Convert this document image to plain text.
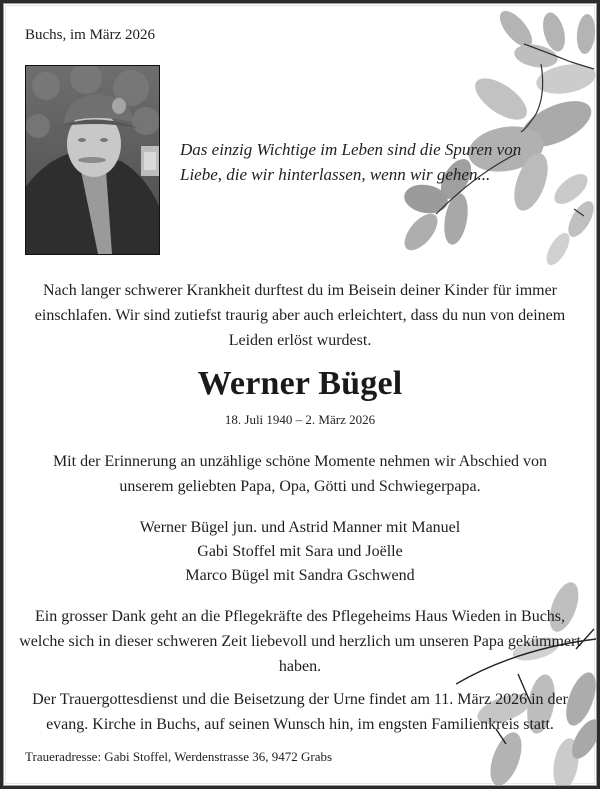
Buchs, im März 2026
Das einzig Wichtige im Leben sind die Spuren von
Liebe, die wir hinterlassen, wenn wir gehen...
Nach langer schwerer Krankheit durftest du im Beisein deiner Kinder für immer
einschlafen. Wir sind zutiefst traurig aber auch erleichtert, dass du nun von deinem
Leiden erlöst wurdest.
Werner Bügel
18. Juli 1940 – 2. März 2026
Mit der Erinnerung an unzählige schöne Momente nehmen wir Abschied von
unserem geliebten Papa, Opa, Götti und Schwiegerpapa.
Werner Bügel jun. und Astrid Manner mit Manuel
Gabi Stoffel mit Sara und Joëlle
Marco Bügel mit Sandra Gschwend
Ein grosser Dank geht an die Pflegekräfte des Pflegeheims Haus Wieden in Buchs,
welche sich in dieser schweren Zeit liebevoll und herzlich um unseren Papa gekümmert
haben.
Der Trauergottesdienst und die Beisetzung der Urne findet am 11. März 2026 in der
evang. Kirche in Buchs, auf seinen Wunsch hin, im engsten Familienkreis statt.
Traueradresse: Gabi Stoffel, Werdenstrasse 36, 9472 Grabs
